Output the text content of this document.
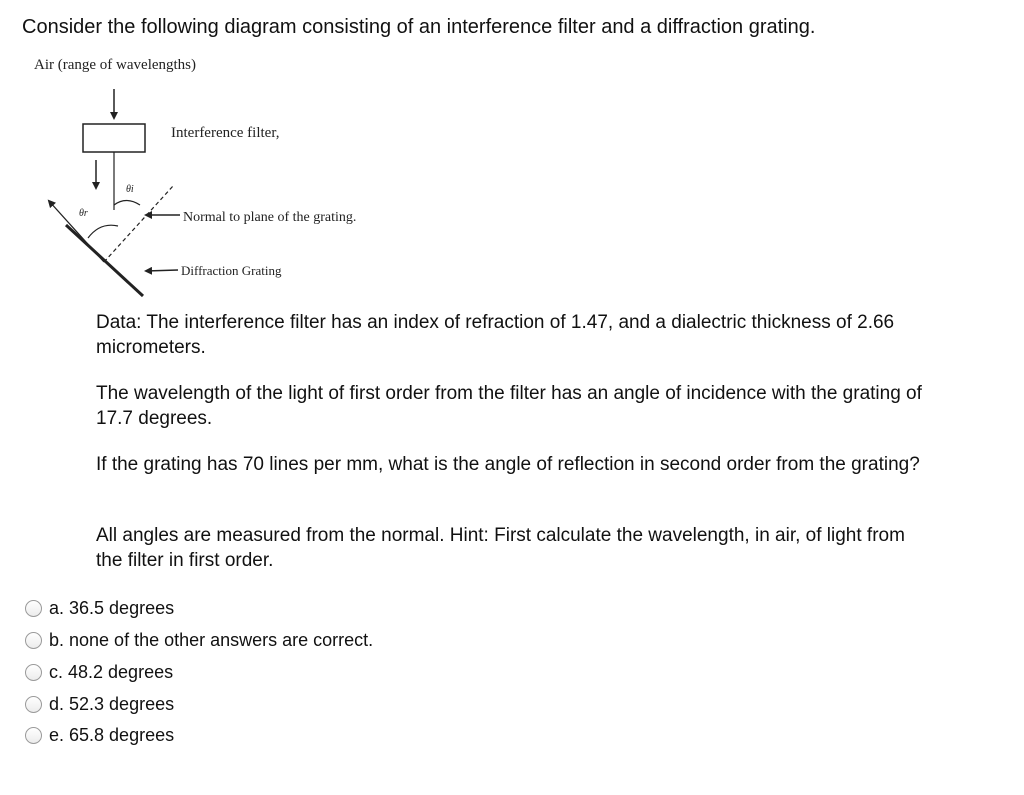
Consider the following diagram consisting of an interference filter and a diffraction grating.
Air (range of wavelengths)
θi
θr
Interference filter,
Normal to plane of the grating.
Diffraction Grating
Data: The interference filter has an index of refraction of 1.47, and a dialectric thickness of 2.66 micrometers.
The wavelength of the light of first order from the filter has an angle of incidence with the grating of 17.7 degrees.
If the grating has 70 lines per mm, what is the angle of reflection in second order from the grating?
All angles are measured from the normal. Hint: First calculate the wavelength, in air, of light from the filter in first order.
a. 36.5 degrees
b. none of the other answers are correct.
c. 48.2 degrees
d. 52.3 degrees
e. 65.8 degrees
